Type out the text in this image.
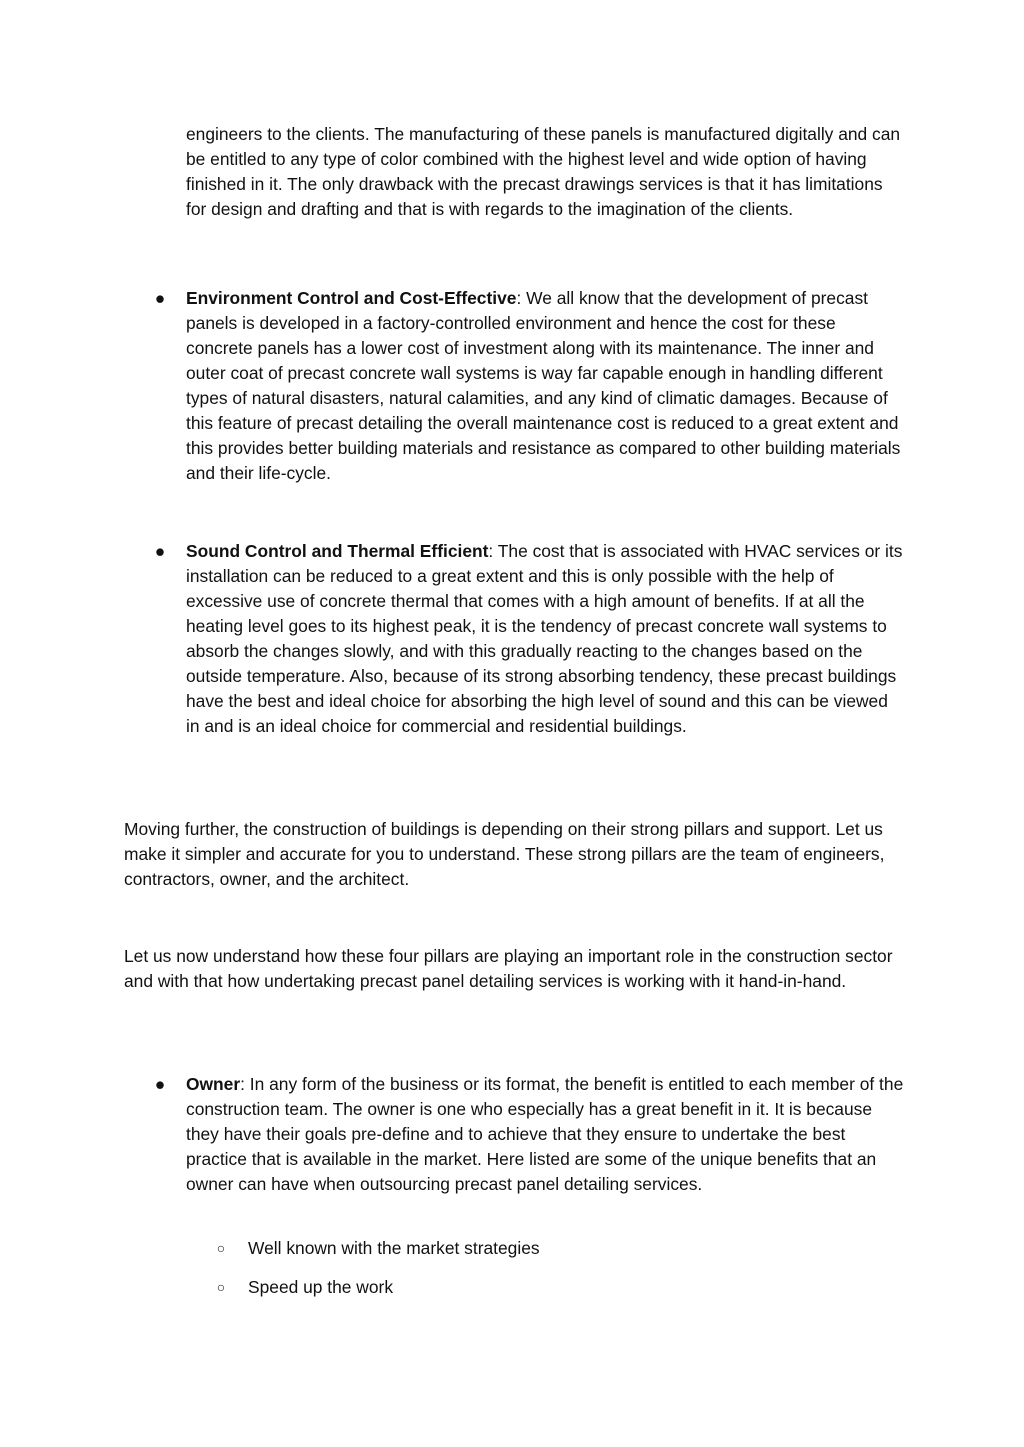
engineers to the clients. The manufacturing of these panels is manufactured digitally and can be entitled to any type of color combined with the highest level and wide option of having finished in it. The only drawback with the precast drawings services is that it has limitations for design and drafting and that is with regards to the imagination of the clients.

● Environment Control and Cost-Effective: We all know that the development of precast panels is developed in a factory-controlled environment and hence the cost for these concrete panels has a lower cost of investment along with its maintenance. The inner and outer coat of precast concrete wall systems is way far capable enough in handling different types of natural disasters, natural calamities, and any kind of climatic damages. Because of this feature of precast detailing the overall maintenance cost is reduced to a great extent and this provides better building materials and resistance as compared to other building materials and their life-cycle.
● Sound Control and Thermal Efficient: The cost that is associated with HVAC services or its installation can be reduced to a great extent and this is only possible with the help of excessive use of concrete thermal that comes with a high amount of benefits. If at all the heating level goes to its highest peak, it is the tendency of precast concrete wall systems to absorb the changes slowly, and with this gradually reacting to the changes based on the outside temperature. Also, because of its strong absorbing tendency, these precast buildings have the best and ideal choice for absorbing the high level of sound and this can be viewed in and is an ideal choice for commercial and residential buildings.

Moving further, the construction of buildings is depending on their strong pillars and support. Let us make it simpler and accurate for you to understand. These strong pillars are the team of engineers, contractors, owner, and the architect.

Let us now understand how these four pillars are playing an important role in the construction sector and with that how undertaking precast panel detailing services is working with it hand-in-hand.

● Owner: In any form of the business or its format, the benefit is entitled to each member of the construction team. The owner is one who especially has a great benefit in it. It is because they have their goals pre-define and to achieve that they ensure to undertake the best practice that is available in the market. Here listed are some of the unique benefits that an owner can have when outsourcing precast panel detailing services.
○ Well known with the market strategies
○ Speed up the work
